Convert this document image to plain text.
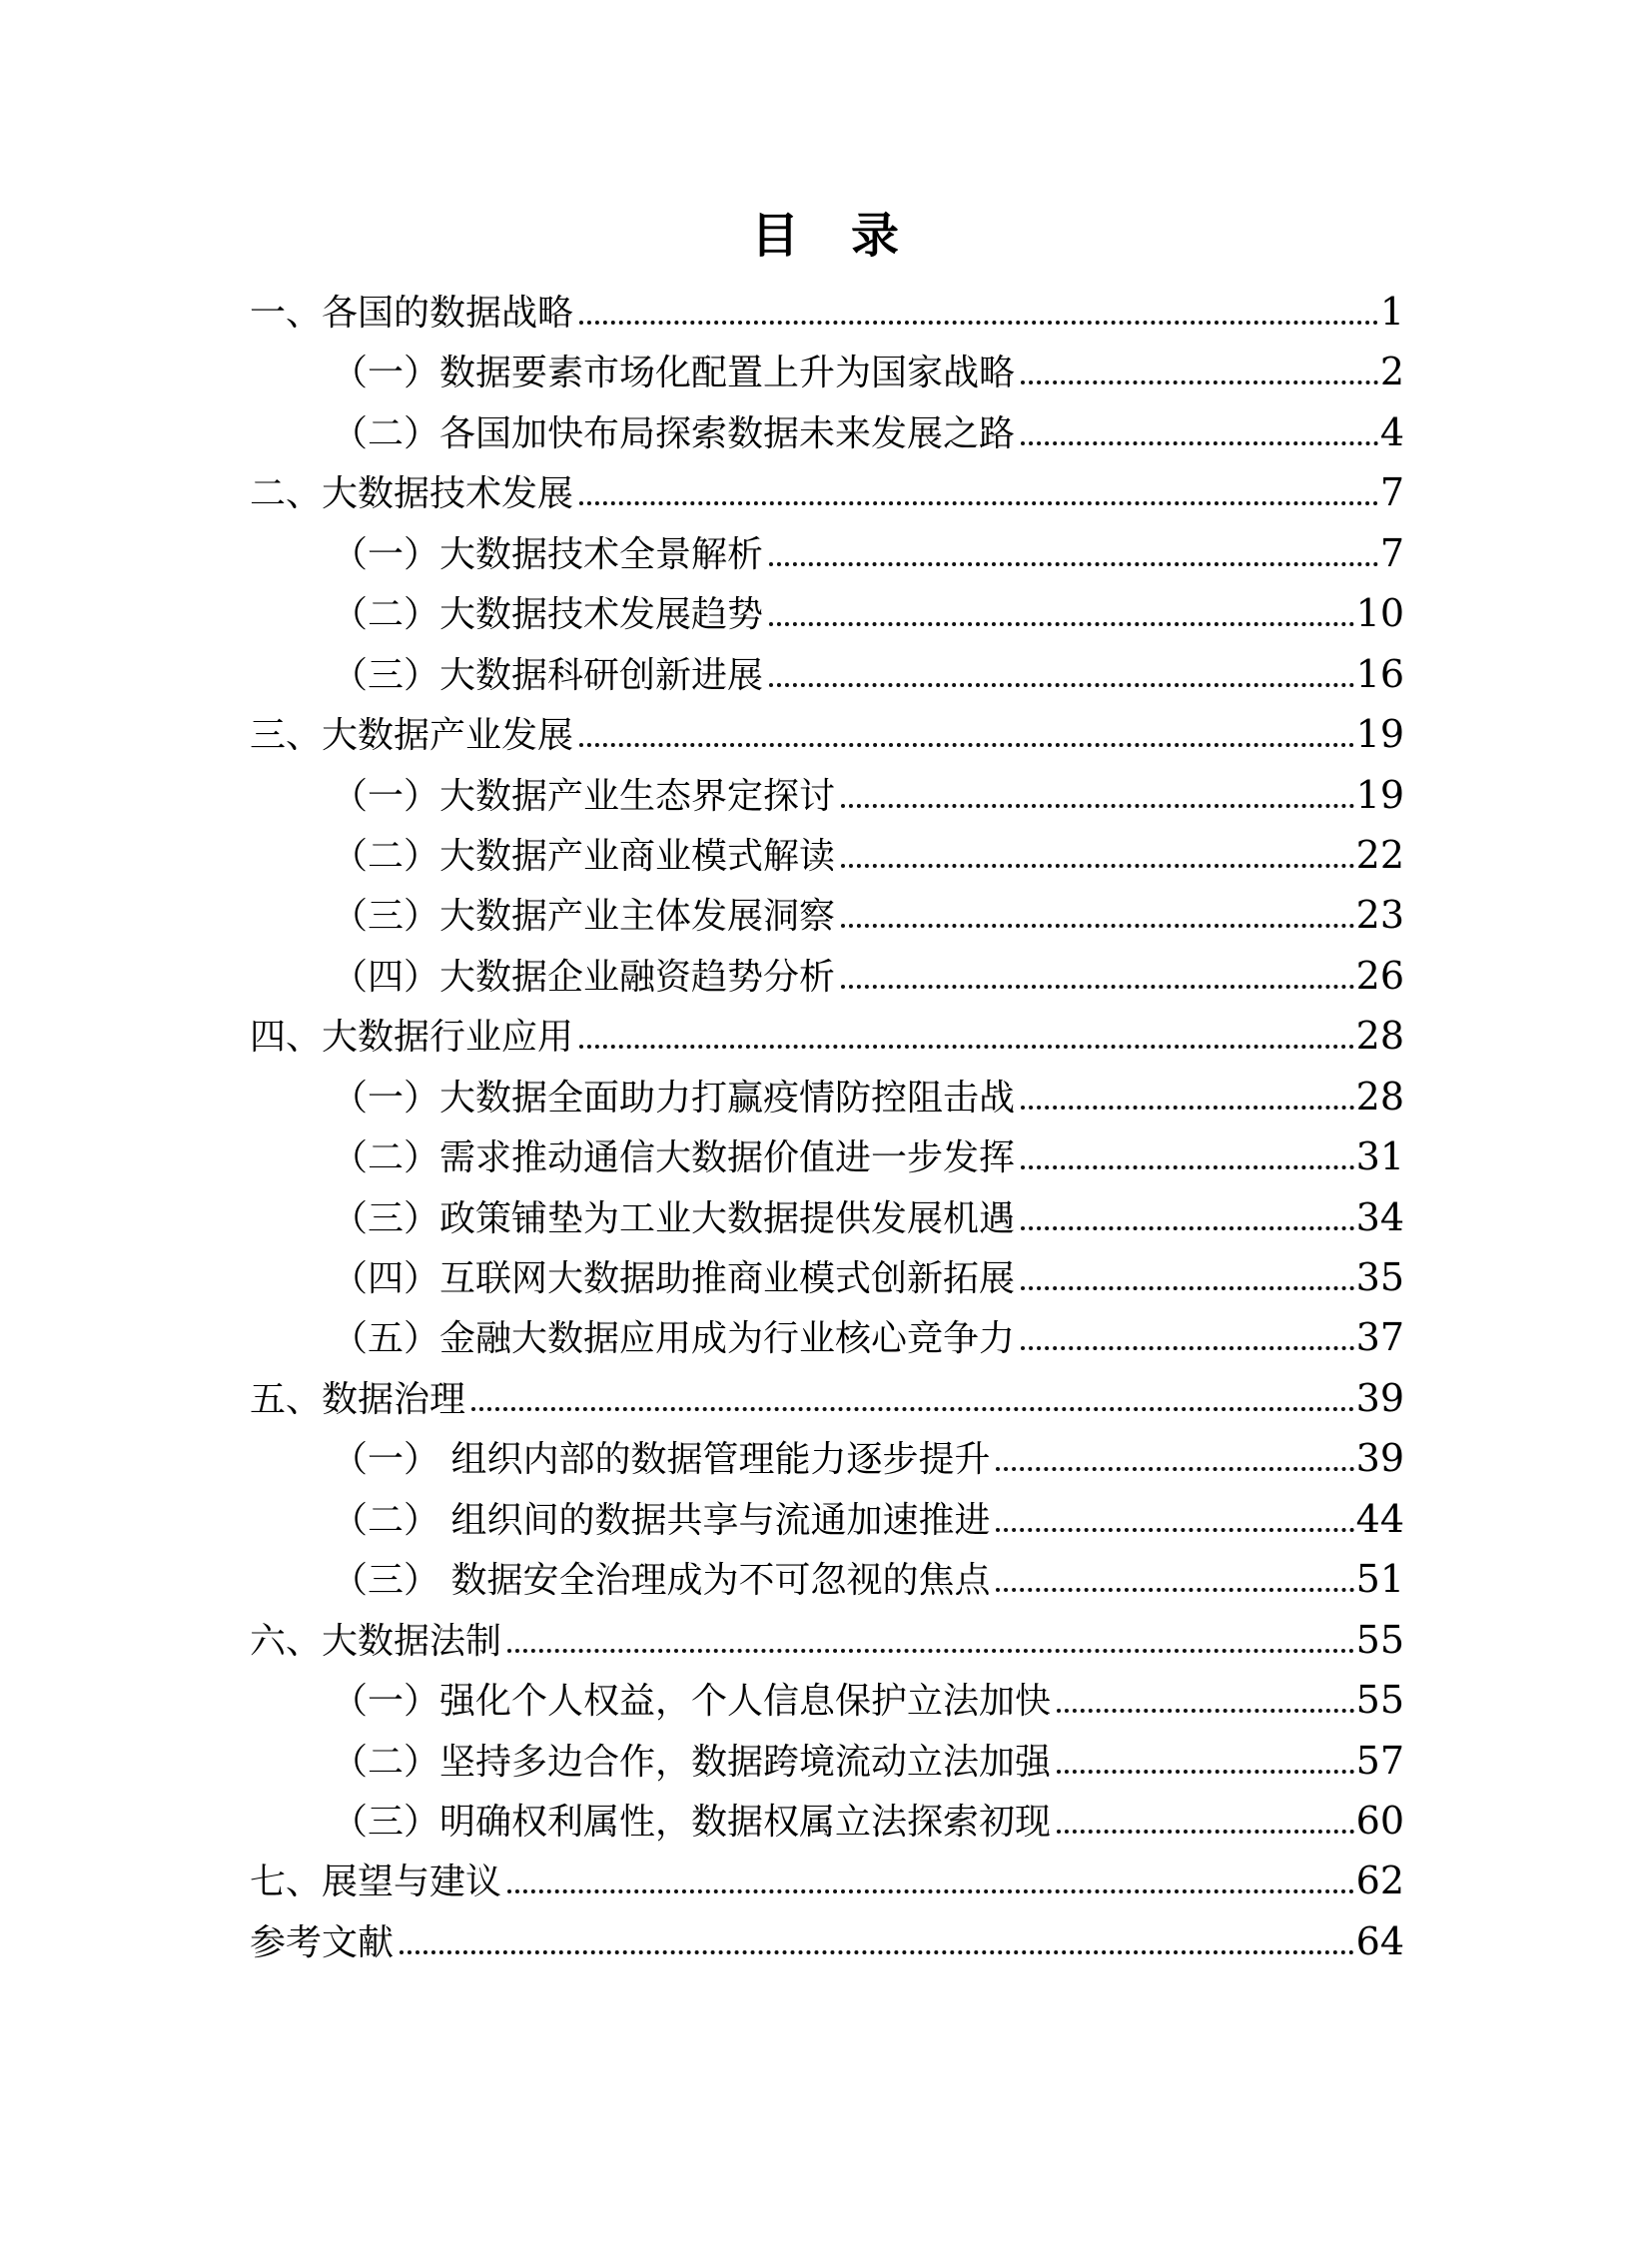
目　录
一、各国的数据战略	1
（一）数据要素市场化配置上升为国家战略	2
（二）各国加快布局探索数据未来发展之路	4
二、大数据技术发展	7
（一）大数据技术全景解析	7
（二）大数据技术发展趋势	10
（三）大数据科研创新进展	16
三、大数据产业发展	19
（一）大数据产业生态界定探讨	19
（二）大数据产业商业模式解读	22
（三）大数据产业主体发展洞察	23
（四）大数据企业融资趋势分析	26
四、大数据行业应用	28
（一）大数据全面助力打赢疫情防控阻击战	28
（二）需求推动通信大数据价值进一步发挥	31
（三）政策铺垫为工业大数据提供发展机遇	34
（四）互联网大数据助推商业模式创新拓展	35
（五）金融大数据应用成为行业核心竞争力	37
五、数据治理	39
（一） 组织内部的数据管理能力逐步提升	39
（二） 组织间的数据共享与流通加速推进	44
（三） 数据安全治理成为不可忽视的焦点	51
六、大数据法制	55
（一）强化个人权益，个人信息保护立法加快	55
（二）坚持多边合作，数据跨境流动立法加强	57
（三）明确权利属性，数据权属立法探索初现	60
七、展望与建议	62
参考文献	64
